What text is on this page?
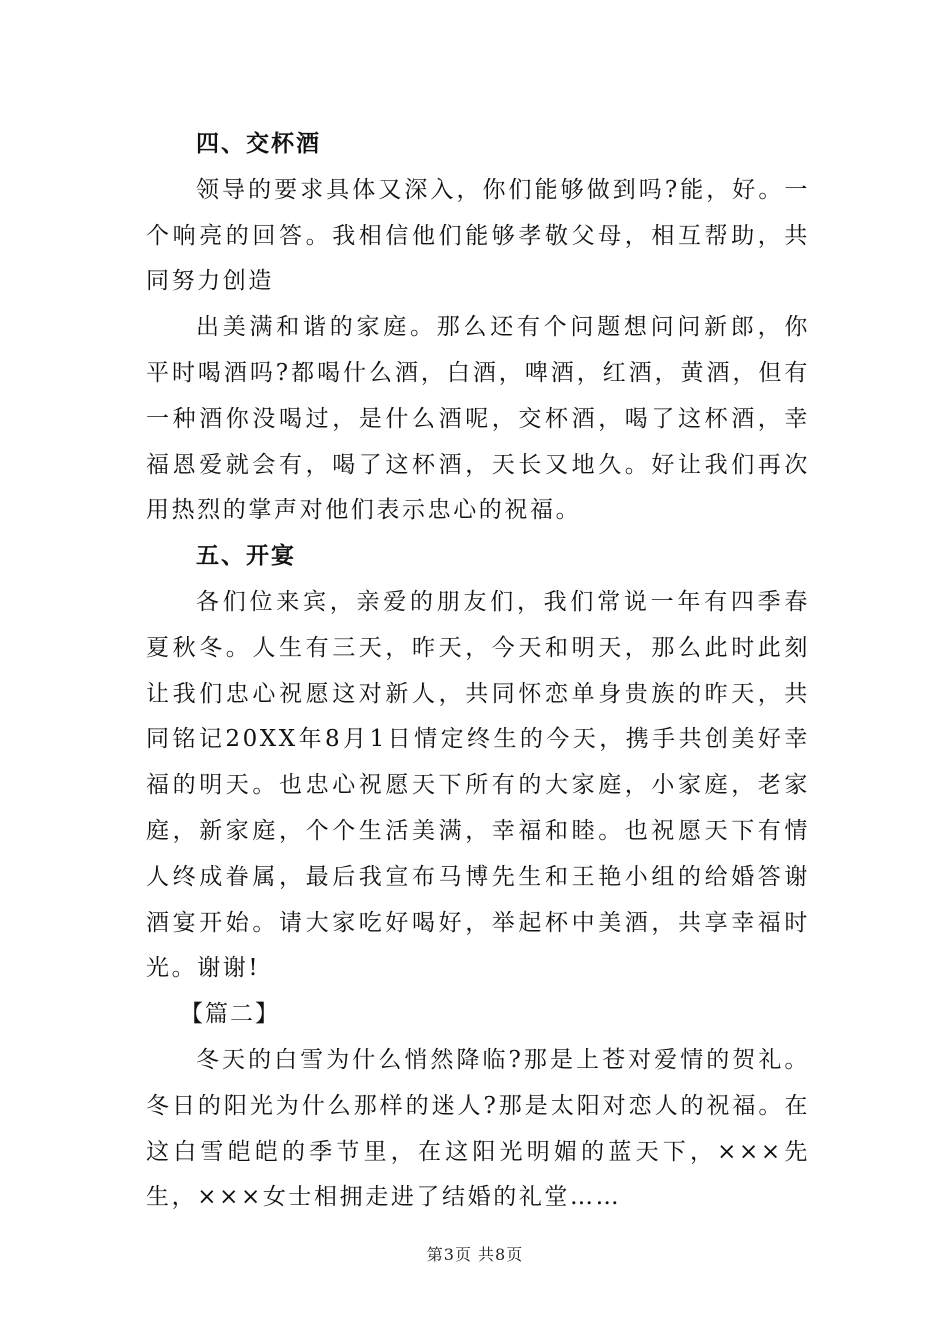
四、交杯酒

领导的要求具体又深入，你们能够做到吗?能，好。一个响亮的回答。我相信他们能够孝敬父母，相互帮助，共同努力创造

出美满和谐的家庭。那么还有个问题想问问新郎，你平时喝酒吗?都喝什么酒，白酒，啤酒，红酒，黄酒，但有一种酒你没喝过，是什么酒呢，交杯酒，喝了这杯酒，幸福恩爱就会有，喝了这杯酒，天长又地久。好让我们再次用热烈的掌声对他们表示忠心的祝福。

五、开宴

各们位来宾，亲爱的朋友们，我们常说一年有四季春夏秋冬。人生有三天，昨天，今天和明天，那么此时此刻让我们忠心祝愿这对新人，共同怀恋单身贵族的昨天，共同铭记20XX年8月1日情定终生的今天，携手共创美好幸福的明天。也忠心祝愿天下所有的大家庭，小家庭，老家庭，新家庭，个个生活美满，幸福和睦。也祝愿天下有情人终成眷属，最后我宣布马博先生和王艳小组的给婚答谢酒宴开始。请大家吃好喝好，举起杯中美酒，共享幸福时光。谢谢!

【篇二】

冬天的白雪为什么悄然降临?那是上苍对爱情的贺礼。冬日的阳光为什么那样的迷人?那是太阳对恋人的祝福。在这白雪皑皑的季节里，在这阳光明媚的蓝天下，×××先生，×××女士相拥走进了结婚的礼堂……

第3页 共8页
